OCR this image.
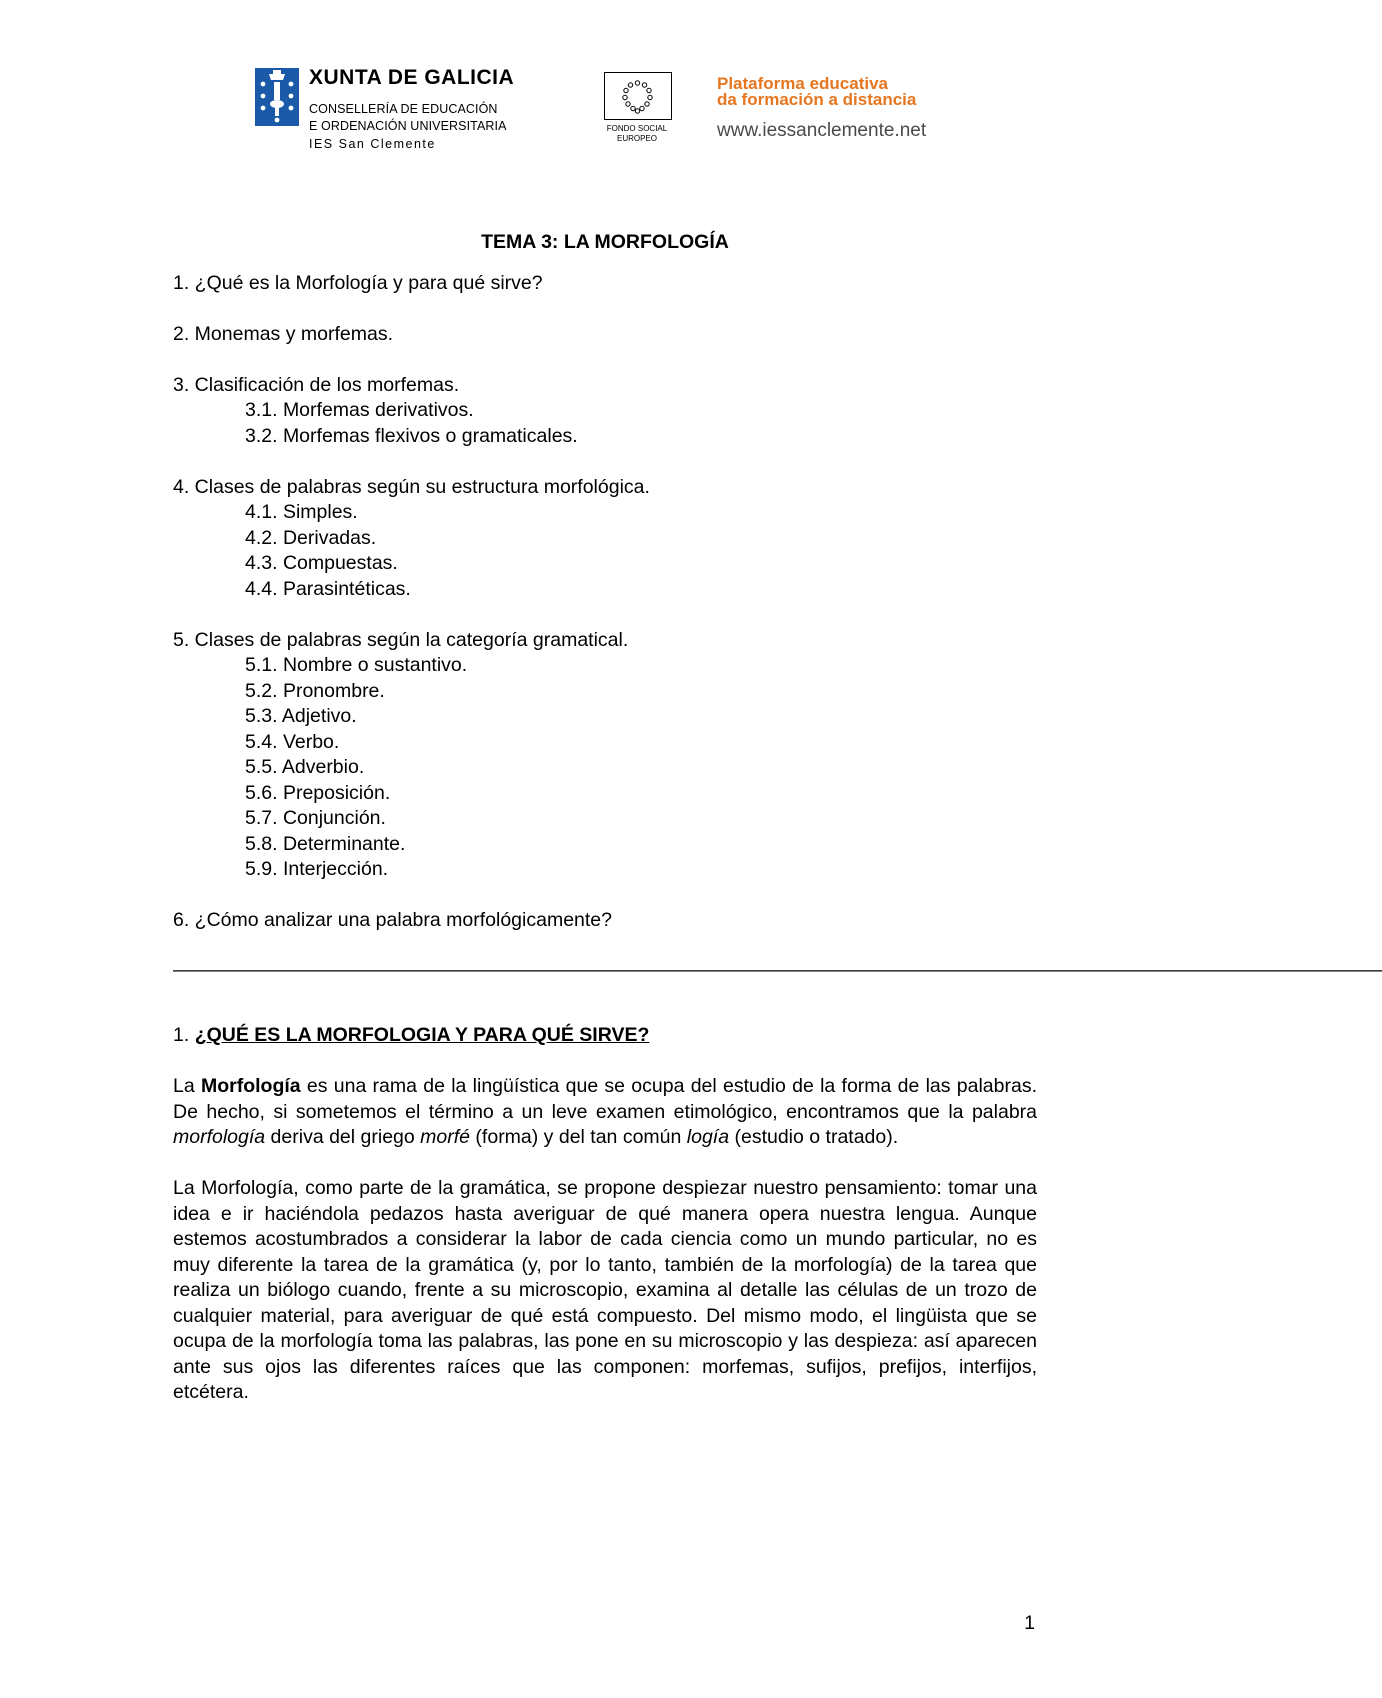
XUNTA DE GALICIA
CONSELLERÍA DE EDUCACIÓN
E ORDENACIÓN UNIVERSITARIA
IES San Clemente
FONDO SOCIAL
EUROPEO
Plataforma educativa
da formación a distancia
www.iessanclemente.net
TEMA 3: LA MORFOLOGÍA
1. ¿Qué es la Morfología y para qué sirve?
2. Monemas y morfemas.
3. Clasificación de los morfemas.
3.1. Morfemas derivativos.
3.2. Morfemas flexivos o gramaticales.
4. Clases de palabras según su estructura morfológica.
4.1. Simples.
4.2. Derivadas.
4.3. Compuestas.
4.4. Parasintéticas.
5. Clases de palabras según la categoría gramatical.
5.1. Nombre o sustantivo.
5.2. Pronombre.
5.3. Adjetivo.
5.4. Verbo.
5.5. Adverbio.
5.6. Preposición.
5.7. Conjunción.
5.8. Determinante.
5.9. Interjección.
6. ¿Cómo analizar una palabra morfológicamente?
——————————————————————————————————————————————————————————————
1. ¿QUÉ ES LA MORFOLOGIA Y PARA QUÉ SIRVE?

La Morfología es una rama de la lingüística que se ocupa del estudio de la forma de las palabras. De hecho, si sometemos el término a un leve examen etimológico, encontramos que la palabra morfología deriva del griego morfé (forma) y del tan común logía (estudio o tratado).

La Morfología, como parte de la gramática, se propone despiezar nuestro pensamiento: tomar una idea e ir haciéndola pedazos hasta averiguar de qué manera opera nuestra lengua. Aunque estemos acostumbrados a considerar la labor de cada ciencia como un mundo particular, no es muy diferente la tarea de la gramática (y, por lo tanto, también de la morfología) de la tarea que realiza un biólogo cuando, frente a su microscopio, examina al detalle las células de un trozo de cualquier material, para averiguar de qué está compuesto. Del mismo modo, el lingüista que se ocupa de la morfología toma las palabras, las pone en su microscopio y las despieza: así aparecen ante sus ojos las diferentes raíces que las componen: morfemas, sufijos, prefijos, interfijos, etcétera.

1
